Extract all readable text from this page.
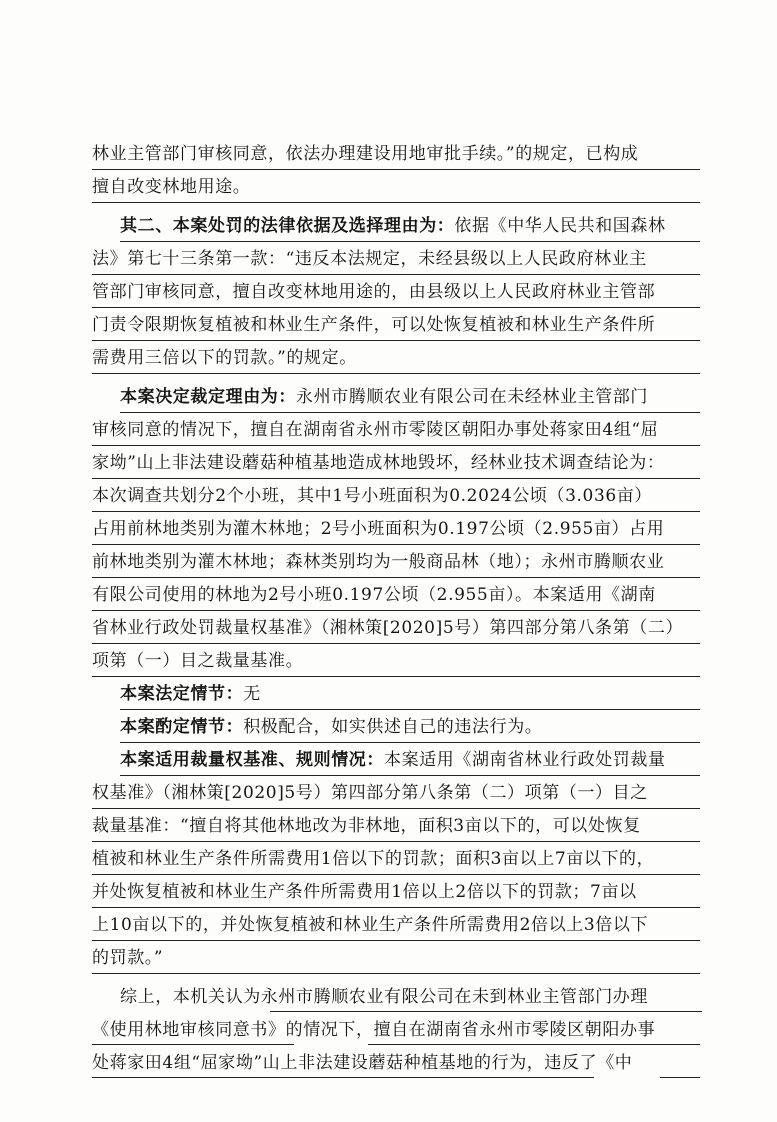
林业主管部门审核同意，依法办理建设用地审批手续。”的规定，已构成
擅自改变林地用途。
其二、本案处罚的法律依据及选择理由为：依据《中华人民共和国森林
法》第七十三条第一款：“违反本法规定，未经县级以上人民政府林业主
管部门审核同意，擅自改变林地用途的，由县级以上人民政府林业主管部
门责令限期恢复植被和林业生产条件，可以处恢复植被和林业生产条件所
需费用三倍以下的罚款。”的规定。
本案决定裁定理由为：永州市腾顺农业有限公司在未经林业主管部门
审核同意的情况下，擅自在湖南省永州市零陵区朝阳办事处蒋家田4组“屈
家坳”山上非法建设蘑菇种植基地造成林地毁坏，经林业技术调查结论为：
本次调查共划分2个小班，其中1号小班面积为0.2024公顷（3.036亩）
占用前林地类别为灌木林地；2号小班面积为0.197公顷（2.955亩）占用
前林地类别为灌木林地；森林类别均为一般商品林（地）；永州市腾顺农业
有限公司使用的林地为2号小班0.197公顷（2.955亩）。本案适用《湖南
省林业行政处罚裁量权基准》（湘林策[2020]5号）第四部分第八条第（二）
项第（一）目之裁量基准。
本案法定情节：无
本案酌定情节：积极配合，如实供述自己的违法行为。
本案适用裁量权基准、规则情况：本案适用《湖南省林业行政处罚裁量
权基准》（湘林策[2020]5号）第四部分第八条第（二）项第（一）目之
裁量基准：“擅自将其他林地改为非林地，面积3亩以下的，可以处恢复
植被和林业生产条件所需费用1倍以下的罚款；面积3亩以上7亩以下的，
并处恢复植被和林业生产条件所需费用1倍以上2倍以下的罚款；7亩以
上10亩以下的，并处恢复植被和林业生产条件所需费用2倍以上3倍以下
的罚款。”
综上，本机关认为永州市腾顺农业有限公司在未到林业主管部门办理
《使用林地审核同意书》的情况下，擅自在湖南省永州市零陵区朝阳办事
处蒋家田4组“屈家坳”山上非法建设蘑菇种植基地的行为，违反了《中
